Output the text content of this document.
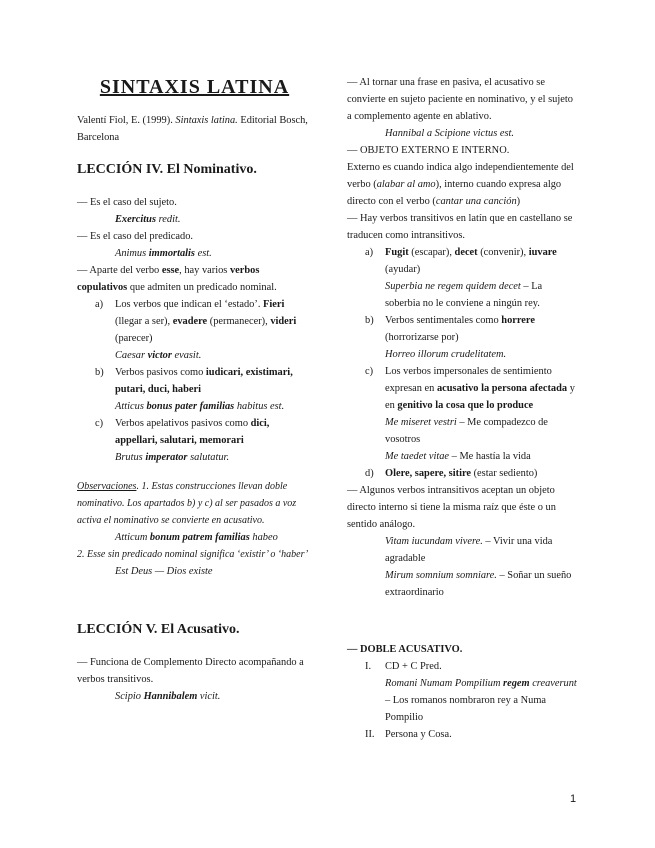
SINTAXIS LATINA

Valentí Fiol, E. (1999). Sintaxis latina. Editorial Bosch, Barcelona

LECCIÓN IV. El Nominativo.

— Es el caso del sujeto.

Exercitus redit.

— Es el caso del predicado.

Animus immortalis est.

— Aparte del verbo esse, hay varios verbos copulativos que admiten un predicado nominal.

a) Los verbos que indican el ‘estado’. Fieri (llegar a ser), evadere (permanecer), videri (parecer)

Caesar victor evasit.

b) Verbos pasivos como iudicari, existimari, putari, duci, haberi

Atticus bonus pater familias habitus est.

c) Verbos apelativos pasivos como dici, appellari, salutari, memorari

Brutus imperator salutatur.

Observaciones. 1. Estas construcciones llevan doble nominativo. Los apartados b) y c) al ser pasados a voz activa el nominativo se convierte en acusativo.

Atticum bonum patrem familias habeo

2. Esse sin predicado nominal significa ‘existir’ o ‘haber’

Est Deus — Dios existe

LECCIÓN V. El Acusativo.

— Funciona de Complemento Directo acompañando a verbos transitivos.

Scipio Hannibalem vicit.

— Al tornar una frase en pasiva, el acusativo se convierte en sujeto paciente en nominativo, y el sujeto a complemento agente en ablativo.

Hannibal a Scipione victus est.

— OBJETO EXTERNO E INTERNO.

Externo es cuando indica algo independientemente del verbo (alabar al amo), interno cuando expresa algo directo con el verbo (cantar una canción)

— Hay verbos transitivos en latín que en castellano se traducen como intransitivos.

a) Fugit (escapar), decet (convenir), iuvare (ayudar)

Superbia ne regem quidem decet – La soberbia no le conviene a ningún rey.

b) Verbos sentimentales como horrere (horrorizarse por)

Horreo illorum crudelitatem.

c) Los verbos impersonales de sentimiento expresan en acusativo la persona afectada y en genitivo la cosa que lo produce

Me miseret vestri – Me compadezco de vosotros

Me taedet vitae – Me hastía la vida

d) Olere, sapere, sitire (estar sediento)

— Algunos verbos intransitivos aceptan un objeto directo interno si tiene la misma raíz que éste o un sentido análogo.

Vitam iucundam vivere. – Vivir una vida agradable

Mirum somnium somniare. – Soñar un sueño extraordinario

— DOBLE ACUSATIVO.

I. CD + C Pred.

Romani Numam Pompilium regem creaverunt – Los romanos nombraron rey a Numa Pompilio

II. Persona y Cosa.
1
